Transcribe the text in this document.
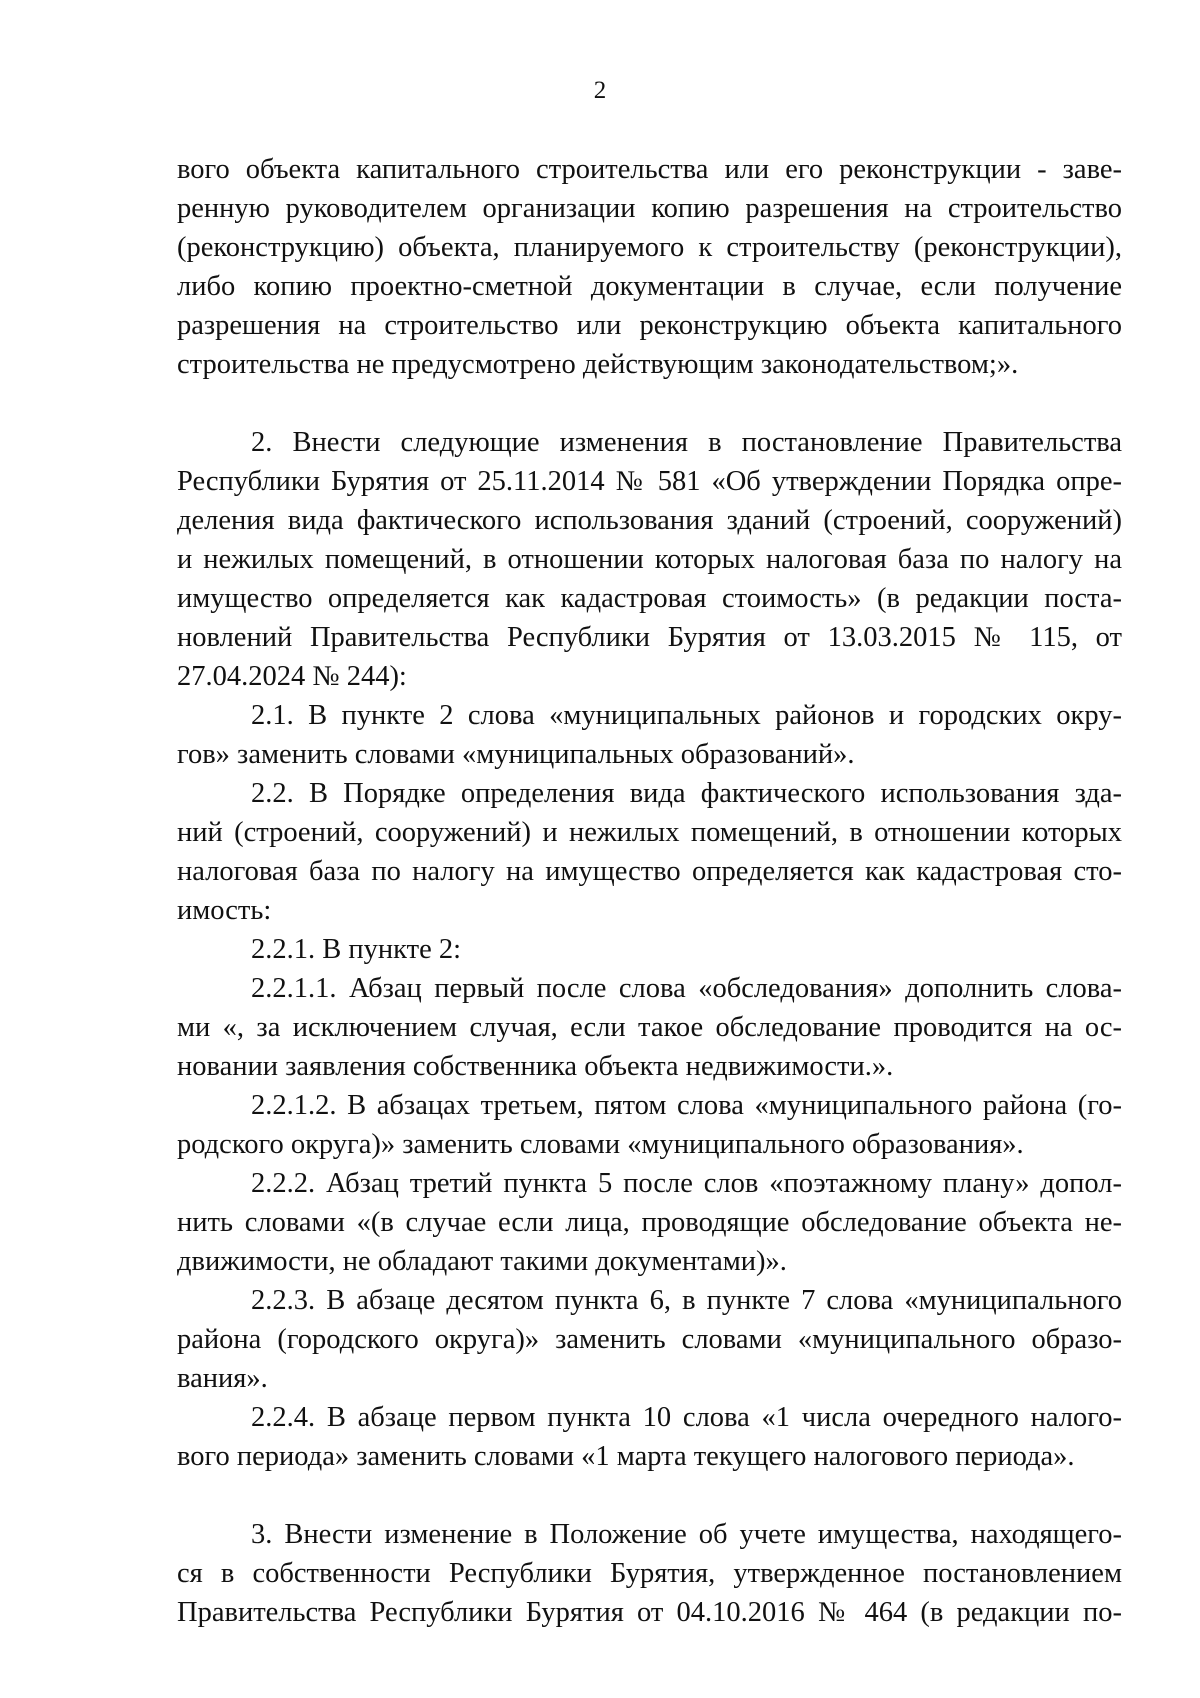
2
вого объекта капитального строительства или его реконструкции - заве-
ренную руководителем организации копию разрешения на строительство
(реконструкцию) объекта, планируемого к строительству (реконструкции),
либо копию проектно-сметной документации в случае, если получение
разрешения на строительство или реконструкцию объекта капитального
строительства не предусмотрено действующим законодательством;».
2. Внести следующие изменения в постановление Правительства
Республики Бурятия от 25.11.2014 № 581 «Об утверждении Порядка опре-
деления вида фактического использования зданий (строений, сооружений)
и нежилых помещений, в отношении которых налоговая база по налогу на
имущество определяется как кадастровая стоимость» (в редакции поста-
новлений Правительства Республики Бурятия от 13.03.2015 № 115, от
27.04.2024 № 244):
2.1. В пункте 2 слова «муниципальных районов и городских окру-
гов» заменить словами «муниципальных образований».
2.2. В Порядке определения вида фактического использования зда-
ний (строений, сооружений) и нежилых помещений, в отношении которых
налоговая база по налогу на имущество определяется как кадастровая сто-
имость:
2.2.1. В пункте 2:
2.2.1.1. Абзац первый после слова «обследования» дополнить слова-
ми «, за исключением случая, если такое обследование проводится на ос-
новании заявления собственника объекта недвижимости.».
2.2.1.2. В абзацах третьем, пятом слова «муниципального района (го-
родского округа)» заменить словами «муниципального образования».
2.2.2. Абзац третий пункта 5 после слов «поэтажному плану» допол-
нить словами «(в случае если лица, проводящие обследование объекта не-
движимости, не обладают такими документами)».
2.2.3. В абзаце десятом пункта 6, в пункте 7 слова «муниципального
района (городского округа)» заменить словами «муниципального образо-
вания».
2.2.4. В абзаце первом пункта 10 слова «1 числа очередного налого-
вого периода» заменить словами «1 марта текущего налогового периода».
3. Внести изменение в Положение об учете имущества, находящего-
ся в собственности Республики Бурятия, утвержденное постановлением
Правительства Республики Бурятия от 04.10.2016 № 464 (в редакции по-
